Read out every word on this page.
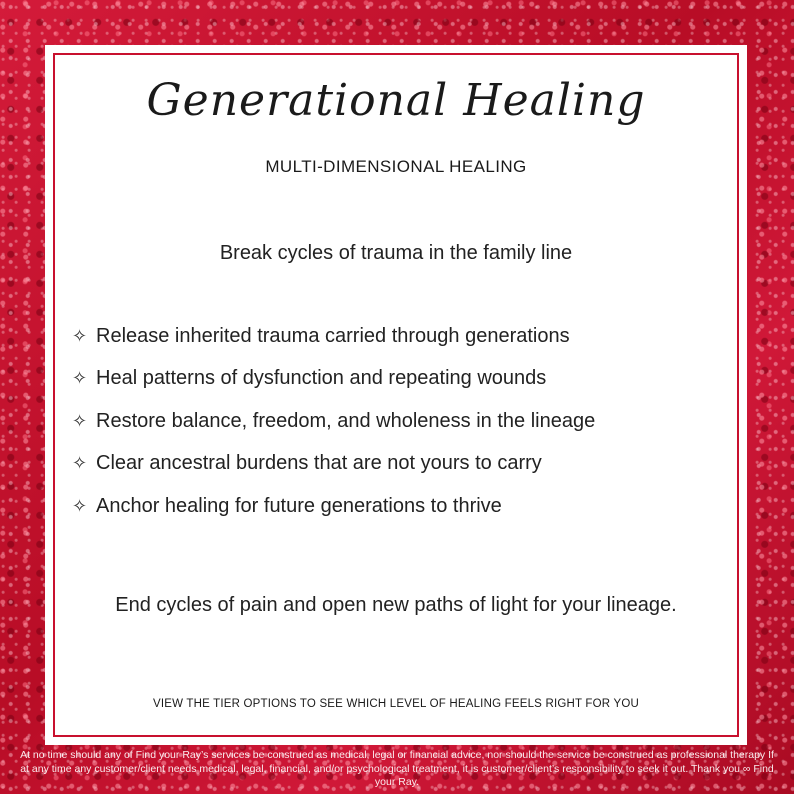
Generational Healing
MULTI-DIMENSIONAL HEALING
Break cycles of trauma in the family line
✧ Release inherited trauma carried through generations
✧ Heal patterns of dysfunction and repeating wounds
✧ Restore balance, freedom, and wholeness in the lineage
✧ Clear ancestral burdens that are not yours to carry
✧ Anchor healing for future generations to thrive
End cycles of pain and open new paths of light for your lineage.
VIEW THE TIER OPTIONS TO SEE WHICH LEVEL OF HEALING FEELS RIGHT FOR YOU
At no time should any of Find your Ray’s services be construed as medical, legal or financial advice, nor should the service be construed as professional therapy If at any time any customer/client needs medical, legal, financial, and/or psychological treatment, it is customer/client’s responsibility to seek it out. Thank you ∞ Find your Ray.
